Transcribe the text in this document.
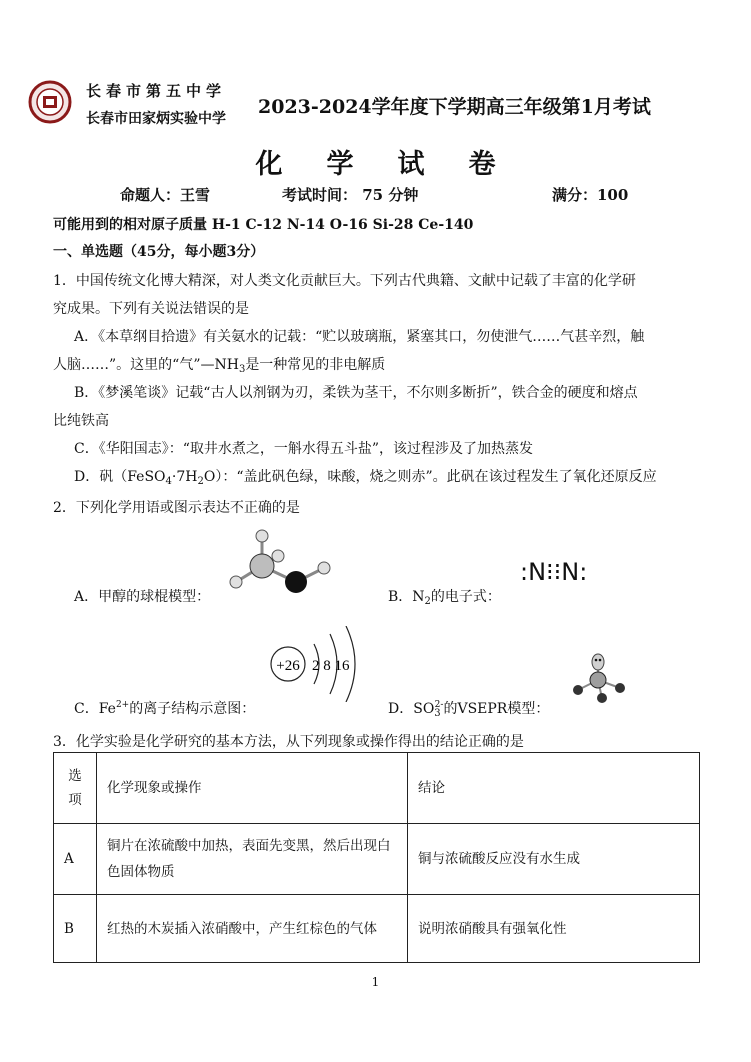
长春市第五中学
长春市田家炳实验中学
2023-2024学年度下学期高三年级第1月考试
化学试卷
命题人：王雪	考试时间： 75 分钟	满分：100
可能用到的相对原子质量 H-1 C-12 N-14 O-16 Si-28 Ce-140
一、单选题（45分，每小题3分）
1．中国传统文化博大精深，对人类文化贡献巨大。下列古代典籍、文献中记载了丰富的化学研
究成果。下列有关说法错误的是
A．《本草纲目拾遗》有关氨水的记载：“贮以玻璃瓶，紧塞其口，勿使泄气……气甚辛烈，触
人脑……”。这里的“气$”—NH_3$是一种常见的非电解质
B．《梦溪笔谈》记载“古人以剂钢为刃，柔铁为茎干，不尔则多断折”，铁合金的硬度和熔点
比纯铁高
C．《华阳国志》：“取井水煮之，一斛水得五斗盐”，该过程涉及了加热蒸发
D．矾$(FeSO_4\cdot 7H_2O)$：“盖此矾色绿，味酸，烧之则赤”。此矾在该过程发生了氧化还原反应
2．下列化学用语或图示表达不正确的是
A．甲醇的球棍模型：	B．$N_2$的电子式：
:N⁝⁝N:
+26 2 8 16
C．$Fe^{2+}$的离子结构示意图：	D．$SO_3^{2-}$的VSEPR模型：
3．化学实验是化学研究的基本方法，从下列现象或操作得出的结论正确的是
选项	化学现象或操作	结论
A	铜片在浓硫酸中加热，表面先变黑，然后出现白色固体物质	铜与浓硫酸反应没有水生成
B	红热的木炭插入浓硝酸中，产生红棕色的气体	说明浓硝酸具有强氧化性
1
